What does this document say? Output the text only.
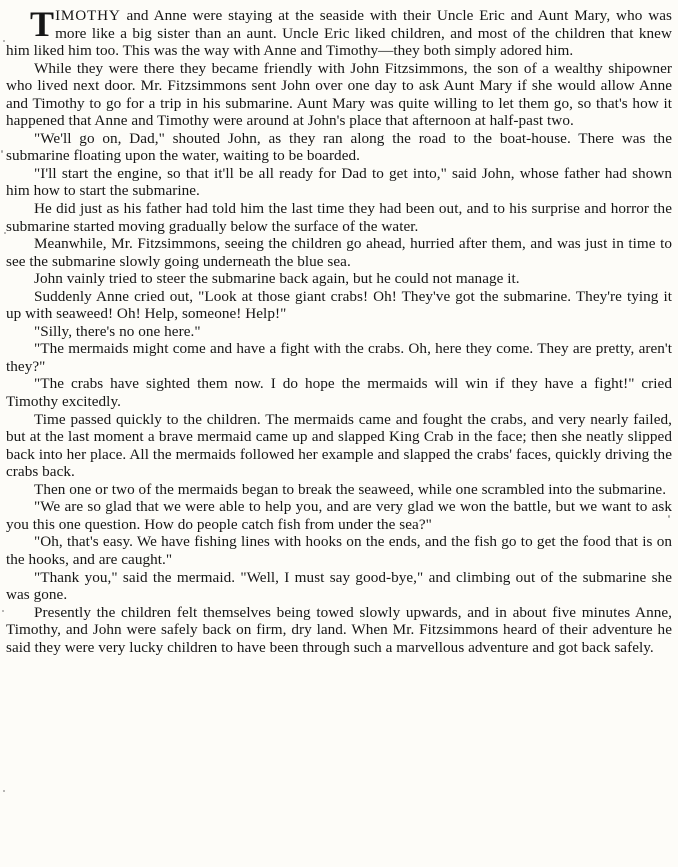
TIMOTHY and Anne were staying at the seaside with their Uncle Eric and Aunt Mary, who was more like a big sister than an aunt. Uncle Eric liked children, and most of the children that knew him liked him too. This was the way with Anne and Timothy—they both simply adored him.

While they were there they became friendly with John Fitzsimmons, the son of a wealthy shipowner who lived next door. Mr. Fitzsimmons sent John over one day to ask Aunt Mary if she would allow Anne and Timothy to go for a trip in his submarine. Aunt Mary was quite willing to let them go, so that's how it happened that Anne and Timothy were around at John's place that afternoon at half-past two.

"We'll go on, Dad," shouted John, as they ran along the road to the boat-house. There was the submarine floating upon the water, waiting to be boarded.

"I'll start the engine, so that it'll be all ready for Dad to get into," said John, whose father had shown him how to start the submarine.

He did just as his father had told him the last time they had been out, and to his surprise and horror the submarine started moving gradually below the surface of the water.

Meanwhile, Mr. Fitzsimmons, seeing the children go ahead, hurried after them, and was just in time to see the submarine slowly going underneath the blue sea.

John vainly tried to steer the submarine back again, but he could not manage it.

Suddenly Anne cried out, "Look at those giant crabs! Oh! They've got the submarine. They're tying it up with seaweed! Oh! Help, someone! Help!"

"Silly, there's no one here."

"The mermaids might come and have a fight with the crabs. Oh, here they come. They are pretty, aren't they?"

"The crabs have sighted them now. I do hope the mermaids will win if they have a fight!" cried Timothy excitedly.

Time passed quickly to the children. The mermaids came and fought the crabs, and very nearly failed, but at the last moment a brave mermaid came up and slapped King Crab in the face; then she neatly slipped back into her place. All the mermaids followed her example and slapped the crabs' faces, quickly driving the crabs back.

Then one or two of the mermaids began to break the seaweed, while one scrambled into the submarine.

"We are so glad that we were able to help you, and are very glad we won the battle, but we want to ask you this one question. How do people catch fish from under the sea?"

"Oh, that's easy. We have fishing lines with hooks on the ends, and the fish go to get the food that is on the hooks, and are caught."

"Thank you," said the mermaid. "Well, I must say good-bye," and climbing out of the submarine she was gone.

Presently the children felt themselves being towed slowly upwards, and in about five minutes Anne, Timothy, and John were safely back on firm, dry land. When Mr. Fitzsimmons heard of their adventure he said they were very lucky children to have been through such a marvellous adventure and got back safely.
